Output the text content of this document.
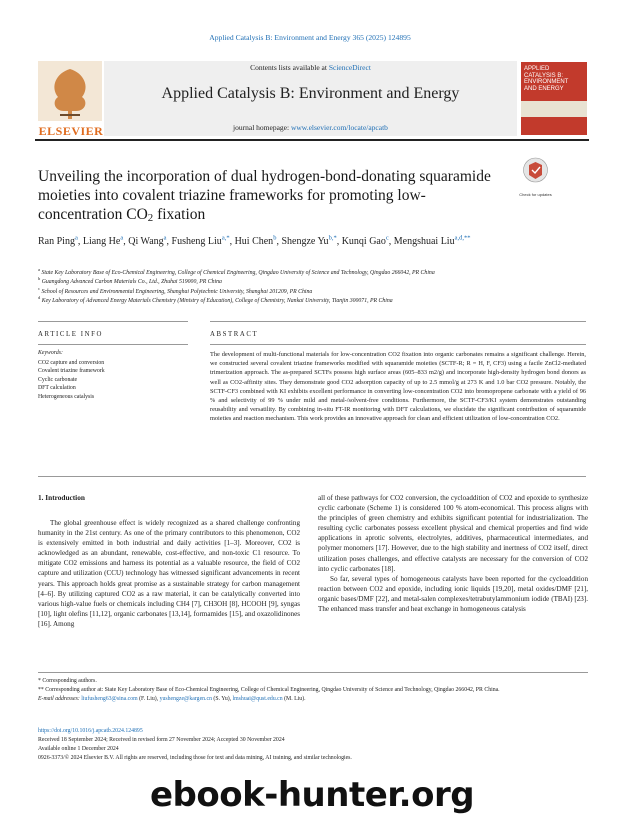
Applied Catalysis B: Environment and Energy 365 (2025) 124895
ELSEVIER
Contents lists available at ScienceDirect
Applied Catalysis B: Environment and Energy
journal homepage: www.elsevier.com/locate/apcatb
APPLIED
CATALYSIS B:
ENVIRONMENT
AND ENERGY
Unveiling the incorporation of dual hydrogen-bond-donating squaramide moieties into covalent triazine frameworks for promoting low-concentration $CO_2$ fixation
Check for updates
Ran Ping$^a$, Liang He$^a$, Qi Wang$^a$, Fusheng Liu$^{a,*}$, Hui Chen$^b$, Shengze $Yu^{b,*}$, Kunqi Gao$^c$, Mengshuai Liu$^{a,d,**}$
$^a$ State Key Laboratory Base of Eco-Chemical Engineering, College of Chemical Engineering, Qingdao University of Science and Technology, Qingdao 266042, PR China
$^b$ Guangdong Advanced Carbon Materials Co., Ltd., Zhuhai 519000, PR China
$^c$ School of Resources and Environmental Engineering, Shanghai Polytechnic University, Shanghai 201209, PR China
$^d$ Key Laboratory of Advanced Energy Materials Chemistry (Ministry of Education), College of Chemistry, Nankai University, Tianjin 300071, PR China
ARTICLE INFO	ABSTRACT
Keywords:
CO2 capture and conversion
Covalent triazine framework
Cyclic carbonate
DFT calculation
Heterogeneous catalysis
The development of multi-functional materials for low-concentration CO2 fixation into organic carbonates remains a significant challenge. Herein, we constructed several covalent triazine frameworks modified with squaramide moieties (SCTF-R; R = H, F, CF3) using a facile ZnCl2-mediated trimerization approach. The as-prepared SCTFs possess high surface areas (605–833 m2/g) and incorporate high-density hydrogen bond donors as well as CO2-affinity sites. They demonstrate good CO2 adsorption capacity of up to 2.5 mmol/g at 273 K and 1.0 bar CO2 pressure. Notably, the SCTF-CF3 combined with KI exhibits excellent performance in converting low-concentration CO2 into bromopropene carbonate with a yield of 96 % and selectivity of 99 % under mild and metal-/solvent-free conditions. Furthermore, the SCTF-CF3/KI system demonstrates outstanding reusability and versatility. By combining in-situ FT-IR monitoring with DFT calculations, we elucidate the significant contribution of squaramide moieties and reaction mechanism. This work provides an innovative approach for clean and efficient utilization of low-concentration CO2.
1. Introduction

The global greenhouse effect is widely recognized as a shared challenge confronting humanity in the 21st century. As one of the primary contributors to this phenomenon, CO2 is extensively emitted in both industrial and daily activities [1–3]. Moreover, CO2 is acknowledged as an abundant, renewable, cost-effective, and non-toxic C1 resource. To mitigate CO2 emissions and harness its potential as a valuable resource, the field of CO2 capture and utilization (CCU) technology has witnessed significant advancements in recent years. This approach holds great promise as a sustainable strategy for carbon management [4–6]. By utilizing captured CO2 as a raw material, it can be catalytically converted into various high-value fuels or chemicals including CH4 [7], CH3OH [8], HCOOH [9], syngas [10], light olefins [11,12], organic carbonates [13,14], formamides [15], and oxazolidinones [16]. Among

all of these pathways for CO2 conversion, the cycloaddition of CO2 and epoxide to synthesize cyclic carbonate (Scheme 1) is considered 100 % atom-economical. This process aligns with the principles of green chemistry and exhibits significant potential for industrialization. The resulting cyclic carbonates possess excellent physical and chemical properties and find wide applications in aprotic solvents, electrolytes, additives, pharmaceutical intermediates, and polymer monomers [17]. However, due to the high stability and inertness of CO2 itself, direct utilization poses challenges, and effective catalysts are necessary for the conversion of CO2 into cyclic carbonates [18].

So far, several types of homogeneous catalysts have been reported for the cycloaddition reaction between CO2 and epoxide, including ionic liquids [19,20], metal oxides/DMF [21], organic bases/DMF [22], and metal-salen complexes/tetrabutylammonium iodide (TBAI) [23]. The enhanced mass transfer and heat exchange in homogeneous catalysis

* Corresponding authors.

** Corresponding author at: State Key Laboratory Base of Eco-Chemical Engineering, College of Chemical Engineering, Qingdao University of Science and Technology, Qingdao 266042, PR China.

E-mail addresses: liufusheng63@sina.com (F. Liu), yushengze@kargen.cn (S. Yu), lmshuai@qust.edu.cn (M. Liu).

https://doi.org/10.1016/j.apcatb.2024.124895
Received 18 September 2024; Received in revised form 27 November 2024; Accepted 30 November 2024
Available online 1 December 2024
0926-3373/© 2024 Elsevier B.V. All rights are reserved, including those for text and data mining, AI training, and similar technologies.
ebook-hunter.org
